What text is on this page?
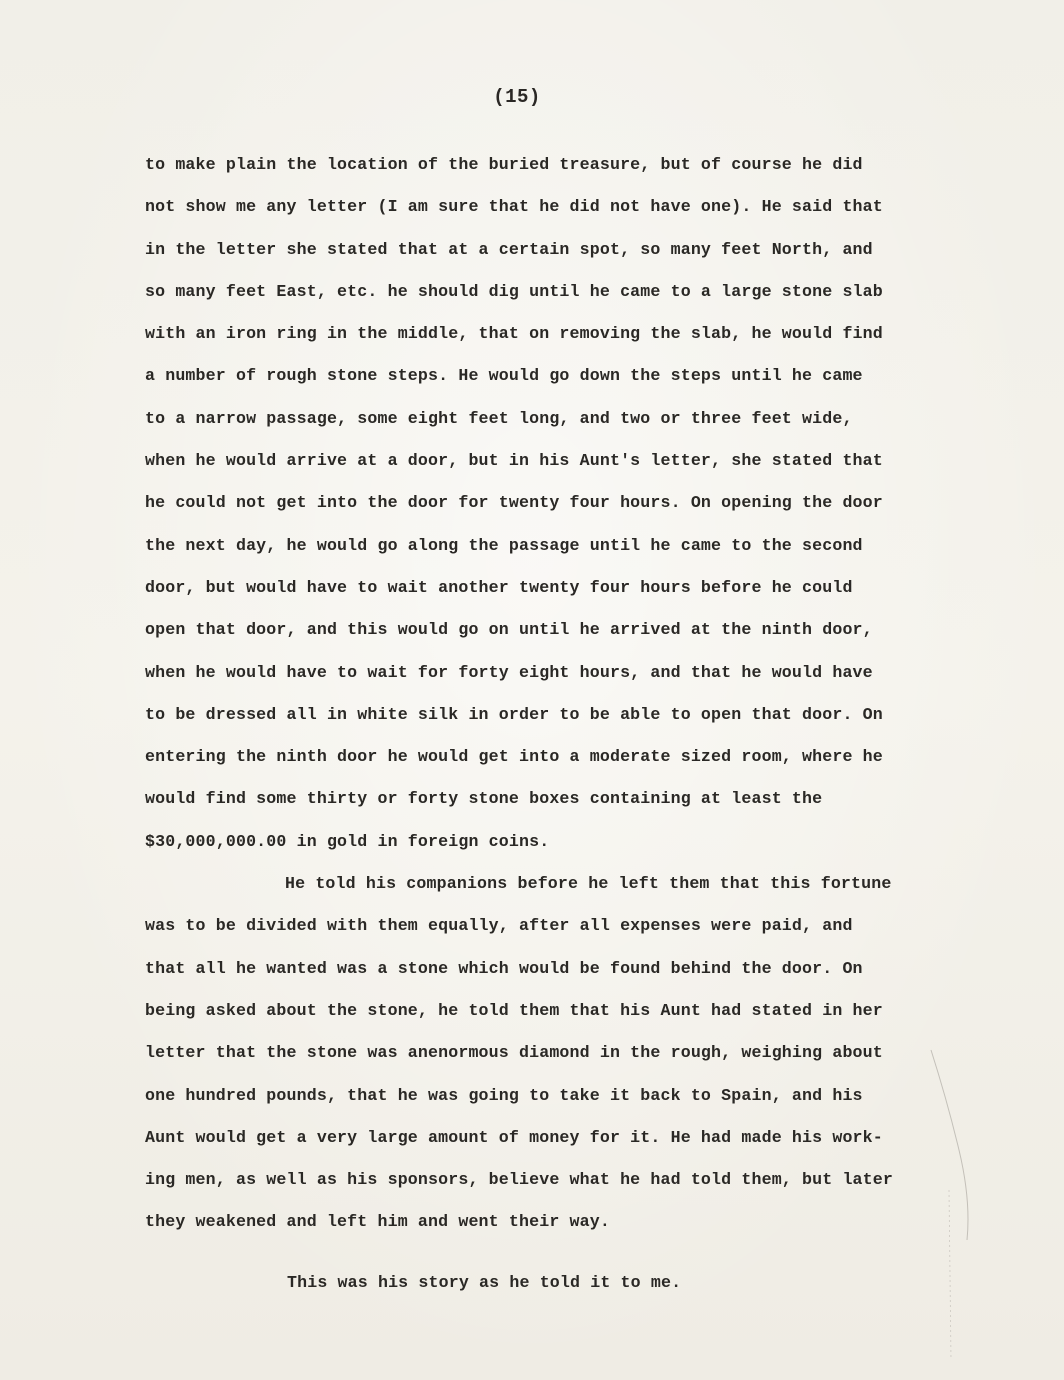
(15)
to make plain the location of the buried treasure, but of course he did
not show me any letter (I am sure that he did not have one). He said that
in the letter she stated that at a certain spot, so many feet North, and
so many feet East, etc. he should dig until he came to a large stone slab
with an iron ring in the middle, that on removing the slab, he would find
a number of rough stone steps. He would go down the steps until he came
to a narrow passage, some eight feet long, and two or three feet wide,
when he would arrive at a door, but in his Aunt's letter, she stated that
he could not get into the door for twenty four hours. On opening the door
the next day, he would go along the passage until he came to the second
door, but would have to wait another twenty four hours before he could
open that door, and this would go on until he arrived at the ninth door,
when he would have to wait for forty eight hours, and that he would have
to be dressed all in white silk in order to be able to open that door. On
entering the ninth door he would get into a moderate sized room, where he
would find some thirty or forty stone boxes containing at least the
$30,000,000.00 in gold in foreign coins.
He told his companions before he left them that this fortune
was to be divided with them equally, after all expenses were paid, and
that all he wanted was a stone which would be found behind the door. On
being asked about the stone, he told them that his Aunt had stated in her
letter that the stone was anenormous diamond in the rough, weighing about
one hundred pounds, that he was going to take it back to Spain, and his
Aunt would get a very large amount of money for it. He had made his work-
ing men, as well as his sponsors, believe what he had told them, but later
they weakened and left him and went their way.
This was his story as he told it to me.
